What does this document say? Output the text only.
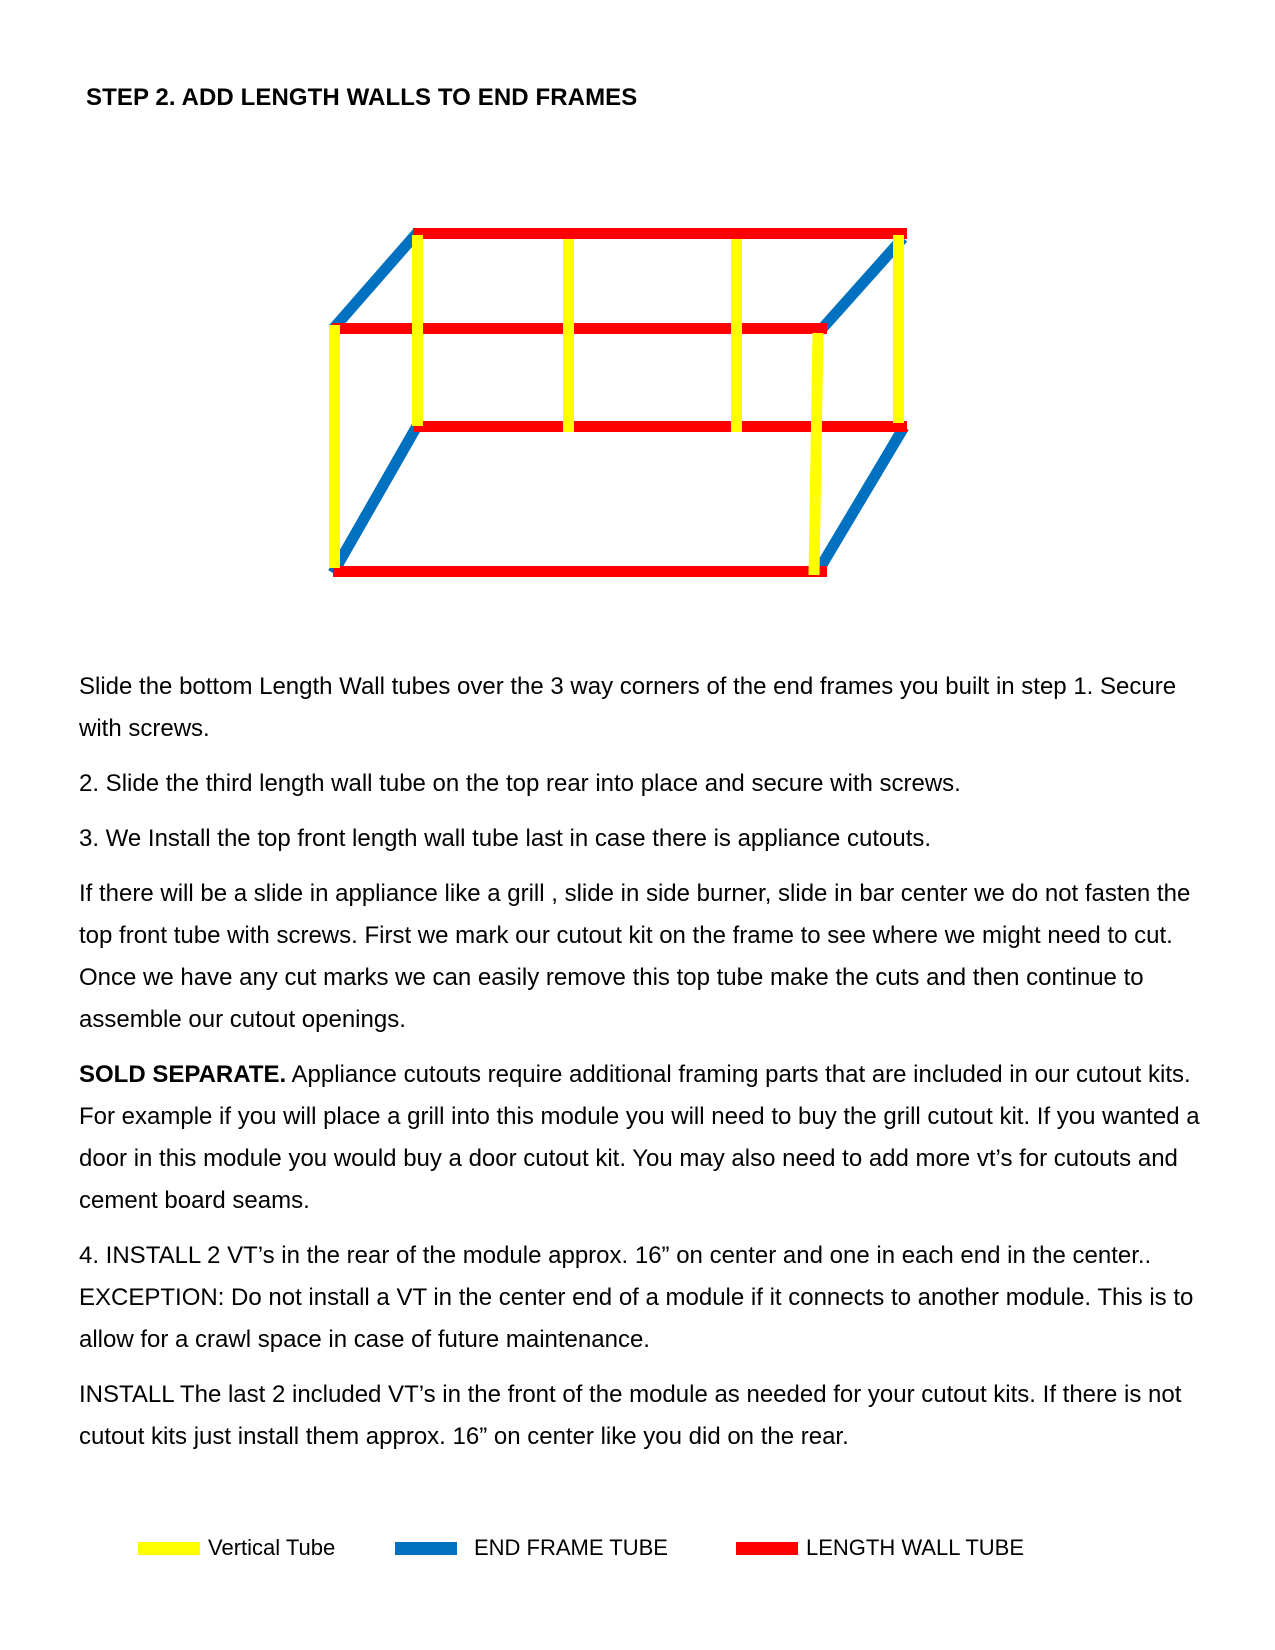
STEP 2. ADD LENGTH WALLS TO END FRAMES

Slide the bottom Length Wall tubes over the 3 way corners of the end frames you built in step 1. Secure with screws.

2. Slide the third length wall tube on the top rear into place and secure with screws.

3. We Install the top front length wall tube last in case there is appliance cutouts.

If there will be a slide in appliance like a grill , slide in side burner, slide in bar center we do not fasten the top front tube with screws. First we mark our cutout kit on the frame to see where we might need to cut. Once we have any cut marks we can easily remove this top tube make the cuts and then continue to assemble our cutout openings.

SOLD SEPARATE. Appliance cutouts require additional framing parts that are included in our cutout kits. For example if you will place a grill into this module you will need to buy the grill cutout kit. If you wanted a door in this module you would buy a door cutout kit. You may also need to add more vt’s for cutouts and cement board seams.

4. INSTALL 2 VT’s in the rear of the module approx. 16” on center and one in each end in the center.. EXCEPTION: Do not install a VT in the center end of a module if it connects to another module. This is to allow for a crawl space in case of future maintenance.

INSTALL The last 2 included VT’s in the front of the module as needed for your cutout kits. If there is not cutout kits just install them approx. 16” on center like you did on the rear.

Vertical Tube	END FRAME TUBE	LENGTH WALL TUBE
